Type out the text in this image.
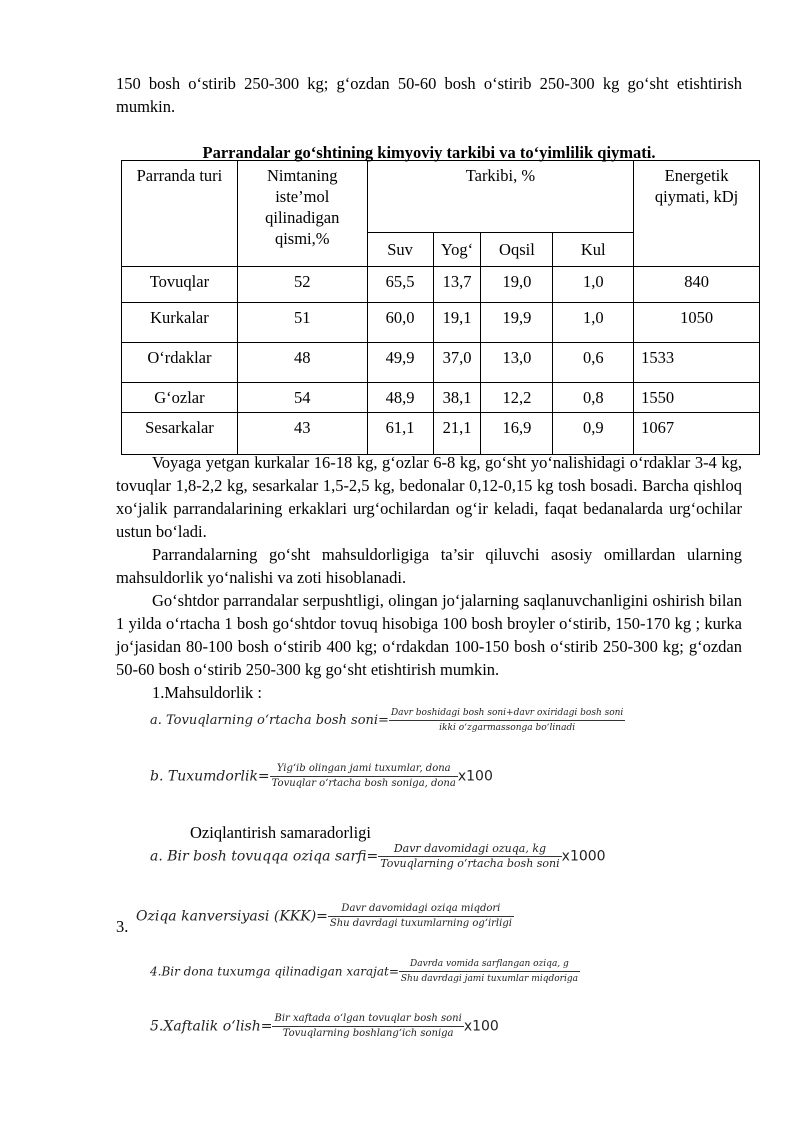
150 bosh o‘stirib 250-300 kg; g‘ozdan 50-60 bosh o‘stirib 250-300 kg go‘sht etishtirish mumkin.

Parrandalar go‘shtining kimyoviy tarkibi va to‘yimlilik qiymati.

Parranda turi	Nimtaning iste’mol qilinadigan qismi,%	Tarkibi, %				Energetik qiymati, kDj
		Suv	Yog‘	Oqsil	Kul	
Tovuqlar	52	65,5	13,7	19,0	1,0	840
Kurkalar	51	60,0	19,1	19,9	1,0	1050
O‘rdaklar	48	49,9	37,0	13,0	0,6	1533
G‘ozlar	54	48,9	38,1	12,2	0,8	1550
Sesarkalar	43	61,1	21,1	16,9	0,9	1067

Voyaga yetgan kurkalar 16-18 kg, g‘ozlar 6-8 kg, go‘sht yo‘nalishidagi o‘rdaklar 3-4 kg, tovuqlar 1,8-2,2 kg, sesarkalar 1,5-2,5 kg, bedonalar 0,12-0,15 kg tosh bosadi. Barcha qishloq xo‘jalik parrandalarining erkaklari urg‘ochilardan og‘ir keladi, faqat bedanalarda urg‘ochilar ustun bo‘ladi.

Parrandalarning go‘sht mahsuldorligiga ta’sir qiluvchi asosiy omillardan ularning mahsuldorlik yo‘nalishi va zoti hisoblanadi.

Go‘shtdor parrandalar serpushtligi, olingan jo‘jalarning saqlanuvchanligini oshirish bilan 1 yilda o‘rtacha 1 bosh go‘shtdor tovuq hisobiga 100 bosh broyler o‘stirib, 150-170 kg ; kurka jo‘jasidan 80-100 bosh o‘stirib 400 kg; o‘rdakdan 100-150 bosh o‘stirib 250-300 kg; g‘ozdan 50-60 bosh o‘stirib 250-300 kg go‘sht etishtirish mumkin.

1.Mahsuldorlik :

a. Tovuqlarning o‘rtacha bosh soni= $\frac{\text{Davr boshidagi bosh soni+davr oxiridagi bosh soni}}{\text{ikki o‘zgarmassonga bo‘linadi}}$
b. Tuxumdorlik= $\frac{\text{Yig‘ib olingan jami tuxumlar, dona}}{\text{Tovuqlar o‘rtacha bosh soniga, dona}} x100$
Oziqlantirish samaradorligi
a. Bir bosh tovuqqa oziqa sarfi= $\frac{\text{Davr davomidagi ozuqa, kg}}{\text{Tovuqlarning o‘rtacha bosh soni}} x1000$
3.
Oziqa kanversiyasi $(KKK)= \frac{\text{Davr davomidagi oziqa miqdori}}{\text{Shu davrdagi tuxumlarning og‘irligi}}$
4.Bir dona tuxumga qilinadigan xarajat= $\frac{\text{Davrda vomida sarflangan oziqa, g}}{\text{Shu davrdagi jami tuxumlar miqdoriga}}$
5.Xaftalik o‘lish= $\frac{\text{Bir xaftada o‘lgan tovuqlar bosh soni}}{\text{Tovuqlarning boshlang‘ich soniga}} x100$
